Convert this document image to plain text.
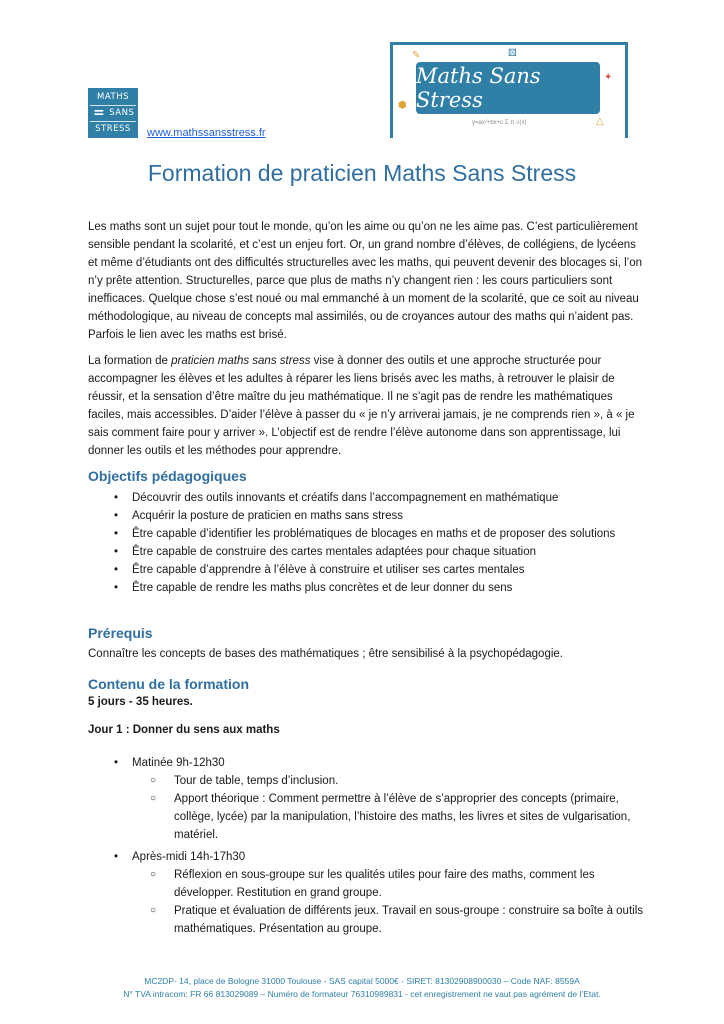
MATHS
= SANS
STRESS	www.mathssansstress.fr
✎
⬢
✦
△
⚄
Maths Sans Stress
y=ax²+bx+c Σ π √(x)
Formation de praticien Maths Sans Stress

Les maths sont un sujet pour tout le monde, qu’on les aime ou qu’on ne les aime pas. C’est particulièrement sensible pendant la scolarité, et c’est un enjeu fort. Or, un grand nombre d’élèves, de collégiens, de lycéens et même d’étudiants ont des difficultés structurelles avec les maths, qui peuvent devenir des blocages si, l’on n’y prête attention. Structurelles, parce que plus de maths n’y changent rien : les cours particuliers sont inefficaces. Quelque chose s’est noué ou mal emmanché à un moment de la scolarité, que ce soit au niveau méthodologique, au niveau de concepts mal assimilés, ou de croyances autour des maths qui n’aident pas. Parfois le lien avec les maths est brisé.

La formation de praticien maths sans stress vise à donner des outils et une approche structurée pour accompagner les élèves et les adultes à réparer les liens brisés avec les maths, à retrouver le plaisir de réussir, et la sensation d’être maître du jeu mathématique. Il ne s’agit pas de rendre les mathématiques faciles, mais accessibles. D’aider l’élève à passer du « je n’y arriverai jamais, je ne comprends rien », à « je sais comment faire pour y arriver ». L’objectif est de rendre l’élève autonome dans son apprentissage, lui donner les outils et les méthodes pour apprendre.

Objectifs pédagogiques
• Découvrir des outils innovants et créatifs dans l’accompagnement en mathématique
• Acquérir la posture de praticien en maths sans stress
• Être capable d’identifier les problématiques de blocages en maths et de proposer des solutions
• Être capable de construire des cartes mentales adaptées pour chaque situation
• Être capable d’apprendre à l’élève à construire et utiliser ses cartes mentales
• Être capable de rendre les maths plus concrètes et de leur donner du sens
Prérequis

Connaître les concepts de bases des mathématiques ; être sensibilisé à la psychopédagogie.

Contenu de la formation
5 jours - 35 heures.
Jour 1 : Donner du sens aux maths
• Matinée 9h-12h30
○ Tour de table, temps d’inclusion.
○ Apport théorique : Comment permettre à l’élève de s’approprier des concepts (primaire, collège, lycée) par la manipulation, l’histoire des maths, les livres et sites de vulgarisation, matériel.
• Après-midi 14h-17h30
○ Réflexion en sous-groupe sur les qualités utiles pour faire des maths, comment les développer. Restitution en grand groupe.
○ Pratique et évaluation de différents jeux. Travail en sous-groupe : construire sa boîte à outils mathématiques. Présentation au groupe.
MC2DP- 14, place de Bologne 31000 Toulouse - SAS capital 5000€ - SIRET: 81302908900030 – Code NAF: 8559A
N° TVA intracom: FR 66 813029089 – Numéro de formateur 76310989831 - cet enregistrement ne vaut pas agrément de l’Etat.
